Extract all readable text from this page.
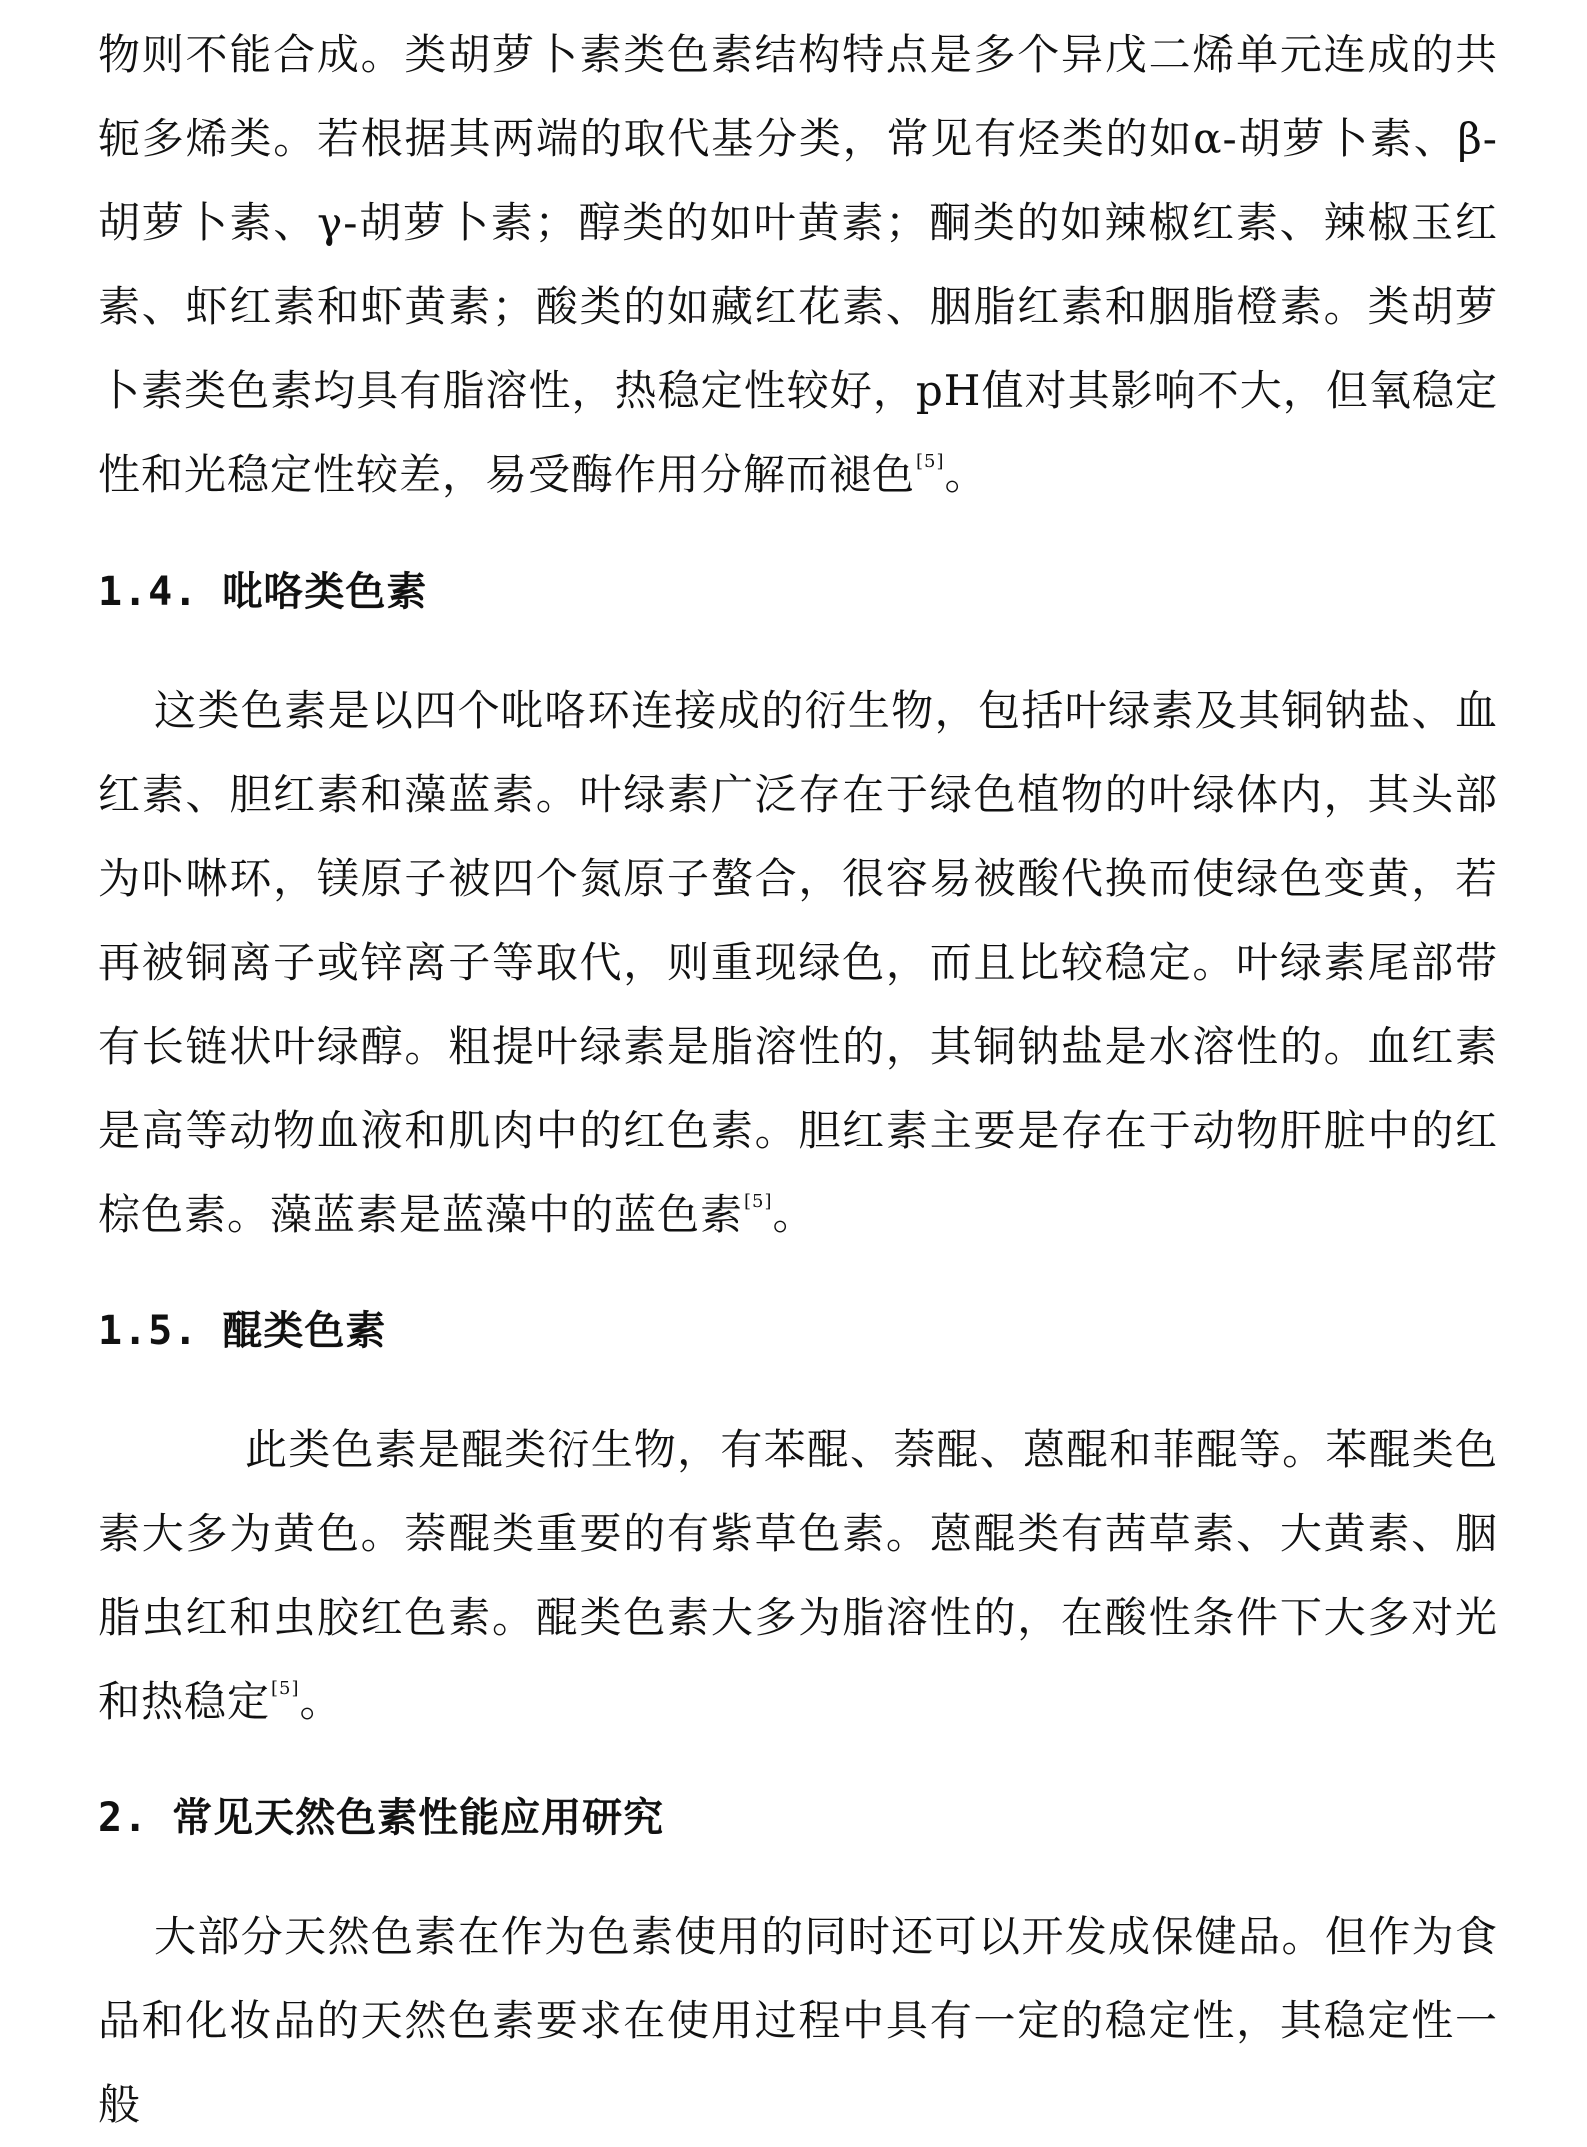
物则不能合成。类胡萝卜素类色素结构特点是多个异戊二烯单元连成的共轭多烯类。若根据其两端的取代基分类，常见有烃类的如α-胡萝卜素、β-胡萝卜素、γ-胡萝卜素；醇类的如叶黄素；酮类的如辣椒红素、辣椒玉红素、虾红素和虾黄素；酸类的如藏红花素、胭脂红素和胭脂橙素。类胡萝卜素类色素均具有脂溶性，热稳定性较好，pH值对其影响不大，但氧稳定性和光稳定性较差，易受酶作用分解而褪色[5]。

1.4. 吡咯类色素

这类色素是以四个吡咯环连接成的衍生物，包括叶绿素及其铜钠盐、血红素、胆红素和藻蓝素。叶绿素广泛存在于绿色植物的叶绿体内，其头部为卟啉环，镁原子被四个氮原子螯合，很容易被酸代换而使绿色变黄，若再被铜离子或锌离子等取代，则重现绿色，而且比较稳定。叶绿素尾部带有长链状叶绿醇。粗提叶绿素是脂溶性的，其铜钠盐是水溶性的。血红素是高等动物血液和肌肉中的红色素。胆红素主要是存在于动物肝脏中的红棕色素。藻蓝素是蓝藻中的蓝色素[5]。

1.5. 醌类色素

此类色素是醌类衍生物，有苯醌、萘醌、蒽醌和菲醌等。苯醌类色素大多为黄色。萘醌类重要的有紫草色素。蒽醌类有茜草素、大黄素、胭脂虫红和虫胶红色素。醌类色素大多为脂溶性的，在酸性条件下大多对光和热稳定[5]。

2. 常见天然色素性能应用研究

大部分天然色素在作为色素使用的同时还可以开发成保健品。但作为食品和化妆品的天然色素要求在使用过程中具有一定的稳定性，其稳定性一般
